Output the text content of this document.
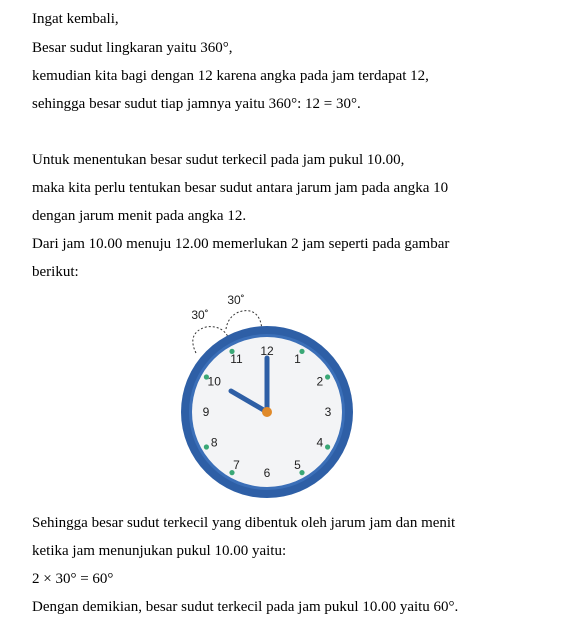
Ingat kembali,
Besar sudut lingkaran yaitu 360°,
kemudian kita bagi dengan 12 karena angka pada jam terdapat 12,
sehingga besar sudut tiap jamnya yaitu 360°: 12 = 30°.
Untuk menentukan besar sudut terkecil pada jam pukul 10.00,
maka kita perlu tentukan besar sudut antara jarum jam pada angka 10
dengan jarum menit pada angka 12.
Dari jam 10.00 menuju 12.00 memerlukan 2 jam seperti pada gambar
berikut:
30˚
30˚
12
1
2
3
4
5
6
7
8
9
10
11
Sehingga besar sudut terkecil yang dibentuk oleh jarum jam dan menit
ketika jam menunjukan pukul 10.00 yaitu:
2 × 30° = 60°
Dengan demikian, besar sudut terkecil pada jam pukul 10.00 yaitu 60°.
